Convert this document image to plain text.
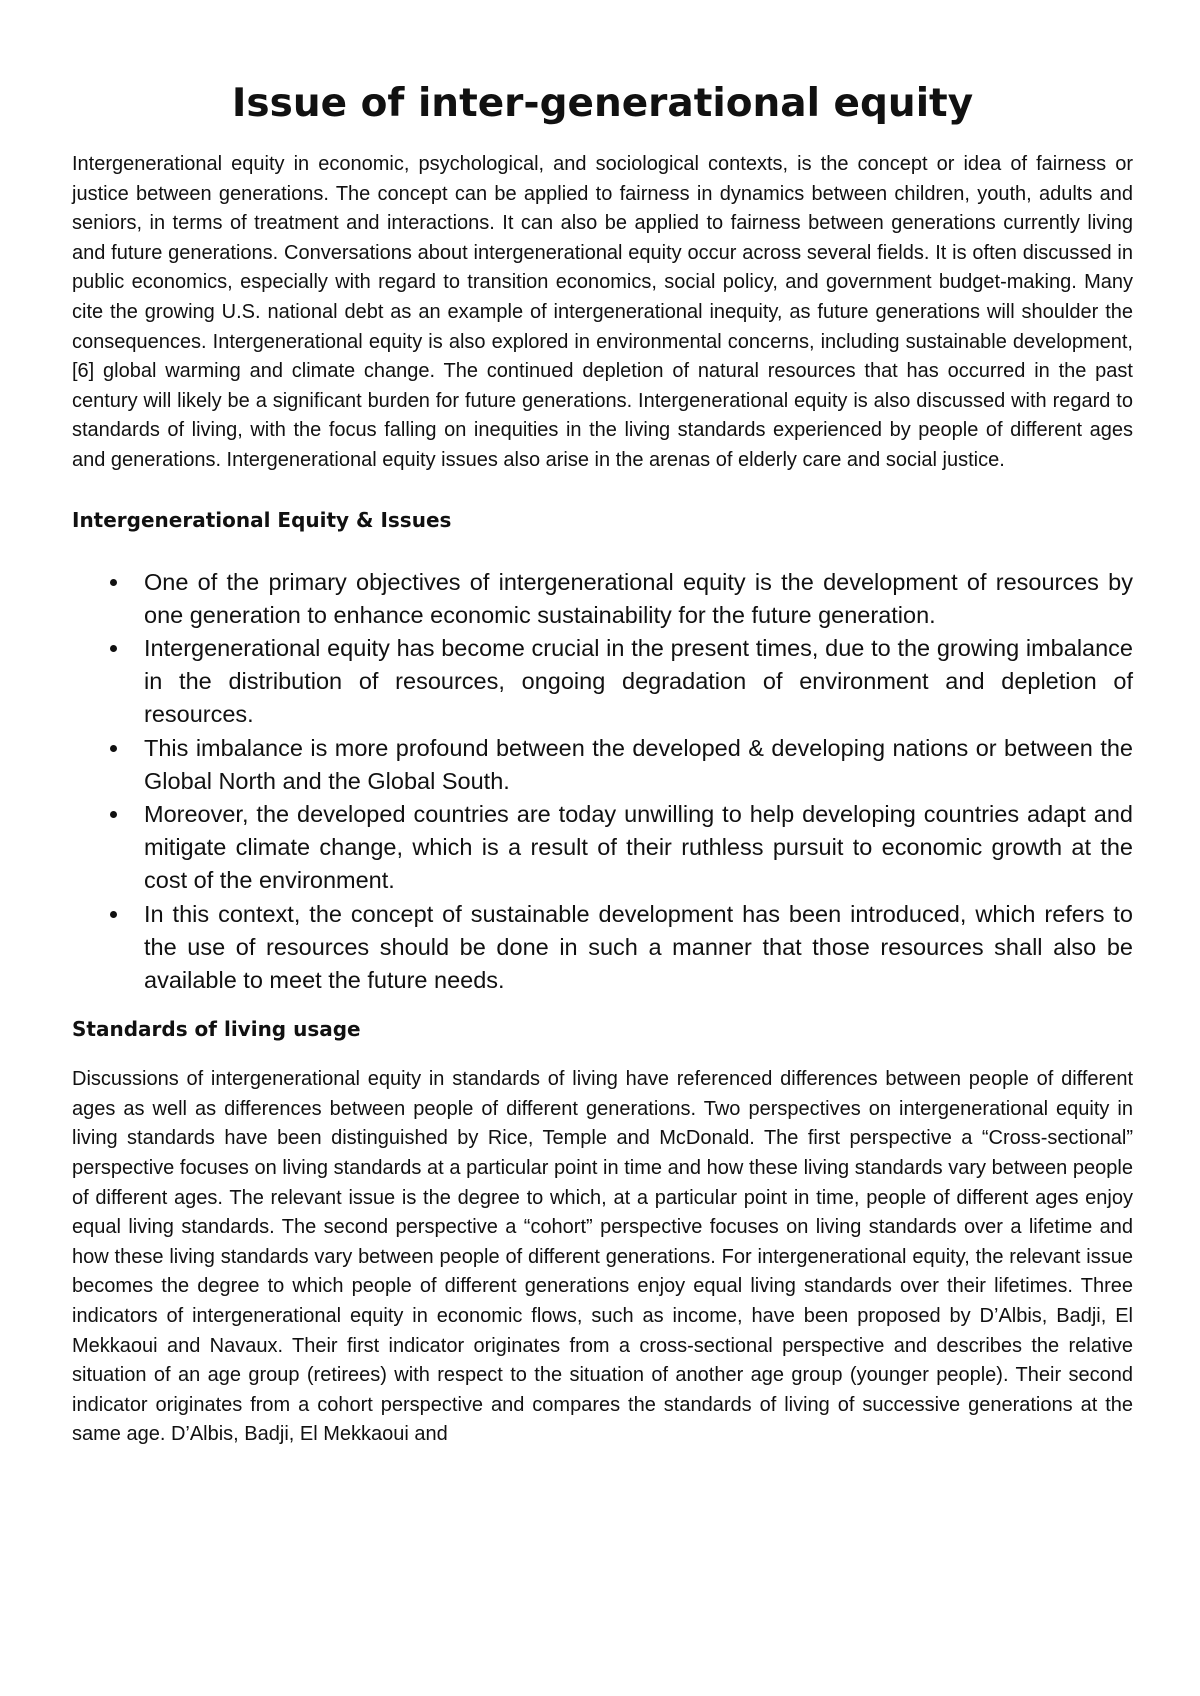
Issue of inter-generational equity

Intergenerational equity in economic, psychological, and sociological contexts, is the concept or idea of fairness or justice between generations. The concept can be applied to fairness in dynamics between children, youth, adults and seniors, in terms of treatment and interactions. It can also be applied to fairness between generations currently living and future generations. Conversations about intergenerational equity occur across several fields. It is often discussed in public economics, especially with regard to transition economics, social policy, and government budget-making. Many cite the growing U.S. national debt as an example of intergenerational inequity, as future generations will shoulder the consequences. Intergenerational equity is also explored in environmental concerns, including sustainable development,[6] global warming and climate change. The continued depletion of natural resources that has occurred in the past century will likely be a significant burden for future generations. Intergenerational equity is also discussed with regard to standards of living, with the focus falling on inequities in the living standards experienced by people of different ages and generations. Intergenerational equity issues also arise in the arenas of elderly care and social justice.

Intergenerational Equity & Issues
One of the primary objectives of intergenerational equity is the development of resources by one generation to enhance economic sustainability for the future generation.
Intergenerational equity has become crucial in the present times, due to the growing imbalance in the distribution of resources, ongoing degradation of environment and depletion of resources.
This imbalance is more profound between the developed & developing nations or between the Global North and the Global South.
Moreover, the developed countries are today unwilling to help developing countries adapt and mitigate climate change, which is a result of their ruthless pursuit to economic growth at the cost of the environment.
In this context, the concept of sustainable development has been introduced, which refers to the use of resources should be done in such a manner that those resources shall also be available to meet the future needs.
Standards of living usage

Discussions of intergenerational equity in standards of living have referenced differences between people of different ages as well as differences between people of different generations. Two perspectives on intergenerational equity in living standards have been distinguished by Rice, Temple and McDonald. The first perspective a “Cross-sectional” perspective focuses on living standards at a particular point in time and how these living standards vary between people of different ages. The relevant issue is the degree to which, at a particular point in time, people of different ages enjoy equal living standards. The second perspective a “cohort” perspective focuses on living standards over a lifetime and how these living standards vary between people of different generations. For intergenerational equity, the relevant issue becomes the degree to which people of different generations enjoy equal living standards over their lifetimes. Three indicators of intergenerational equity in economic flows, such as income, have been proposed by D’Albis, Badji, El Mekkaoui and Navaux. Their first indicator originates from a cross-sectional perspective and describes the relative situation of an age group (retirees) with respect to the situation of another age group (younger people). Their second indicator originates from a cohort perspective and compares the standards of living of successive generations at the same age. D’Albis, Badji, El Mekkaoui and
